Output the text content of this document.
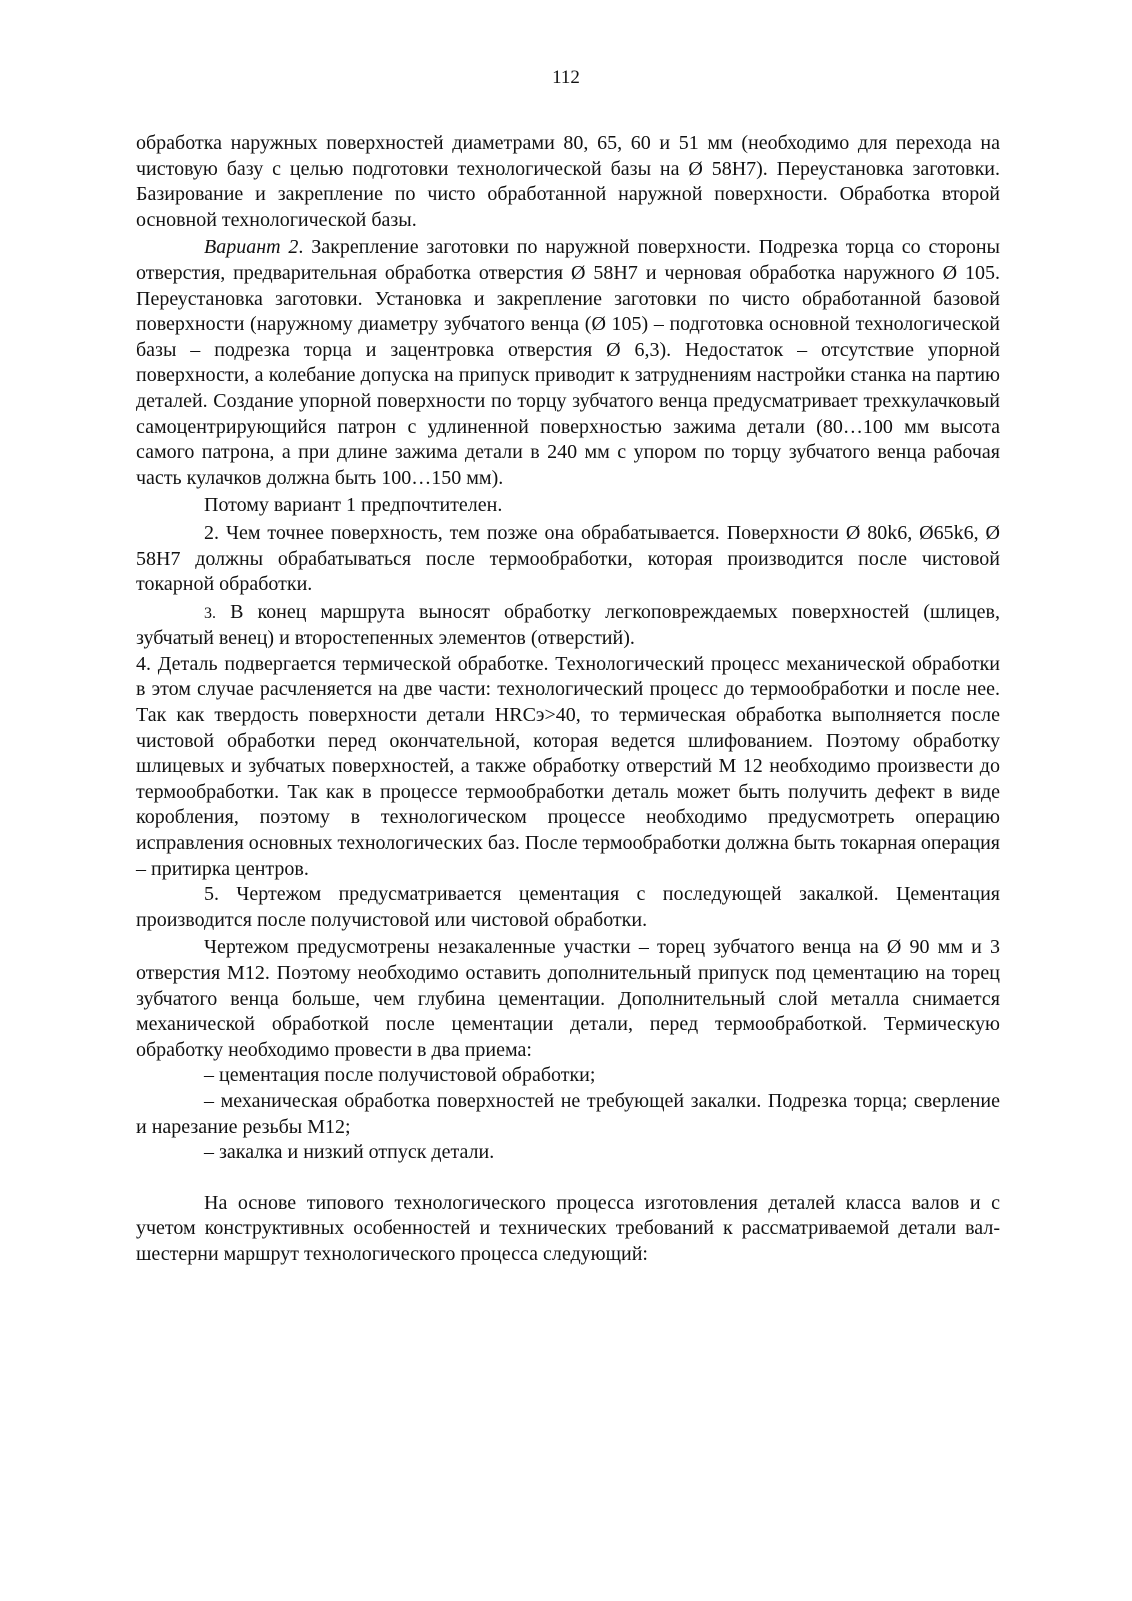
112

обработка наружных поверхностей диаметрами 80, 65, 60 и 51 мм (необходимо для перехода на чистовую базу с целью подготовки технологической базы на Ø 58H7). Переустановка заготовки. Базирование и закрепление по чисто обработанной наружной поверхности. Обработка второй основной технологической базы.

Вариант 2. Закрепление заготовки по наружной поверхности. Подрезка торца со стороны отверстия, предварительная обработка отверстия Ø 58H7 и черновая обработка наружного Ø 105. Переустановка заготовки. Установка и закрепление заготовки по чисто обработанной базовой поверхности (наружному диаметру зубчатого венца (Ø 105) – подготовка основной технологической базы – подрезка торца и зацентровка отверстия Ø 6,3). Недостаток – отсутствие упорной поверхности, а колебание допуска на припуск приводит к затруднениям настройки станка на партию деталей. Создание упорной поверхности по торцу зубчатого венца предусматривает трехкулачковый самоцентрирующийся патрон с удлиненной поверхностью зажима детали (80…100 мм высота самого патрона, а при длине зажима детали в 240 мм с упором по торцу зубчатого венца рабочая часть кулачков должна быть 100…150 мм).

Потому вариант 1 предпочтителен.

2. Чем точнее поверхность, тем позже она обрабатывается. Поверхности Ø 80k6, Ø65k6, Ø 58H7 должны обрабатываться после термообработки, которая производится после чистовой токарной обработки.

3. В конец маршрута выносят обработку легкоповреждаемых поверхностей (шлицев, зубчатый венец) и второстепенных элементов (отверстий).

4. Деталь подвергается термической обработке. Технологический процесс механической обработки в этом случае расчленяется на две части: технологический процесс до термообработки и после нее. Так как твердость поверхности детали HRCэ>40, то термическая обработка выполняется после чистовой обработки перед окончательной, которая ведется шлифованием. Поэтому обработку шлицевых и зубчатых поверхностей, а также обработку отверстий М 12 необходимо произвести до термообработки. Так как в процессе термообработки деталь может быть получить дефект в виде коробления, поэтому в технологическом процессе необходимо предусмотреть операцию исправления основных технологических баз. После термообработки должна быть токарная операция – притирка центров.

5. Чертежом предусматривается цементация с последующей закалкой. Цементация производится после получистовой или чистовой обработки.

Чертежом предусмотрены незакаленные участки – торец зубчатого венца на Ø 90 мм и 3 отверстия М12. Поэтому необходимо оставить дополнительный припуск под цементацию на торец зубчатого венца больше, чем глубина цементации. Дополнительный слой металла снимается механической обработкой после цементации детали, перед термообработкой. Термическую обработку необходимо провести в два приема:

– цементация после получистовой обработки;

– механическая обработка поверхностей не требующей закалки. Подрезка торца; сверление и нарезание резьбы М12;

– закалка и низкий отпуск детали.

На основе типового технологического процесса изготовления деталей класса валов и с учетом конструктивных особенностей и технических требований к рассматриваемой детали вал-шестерни маршрут технологического процесса следующий:
